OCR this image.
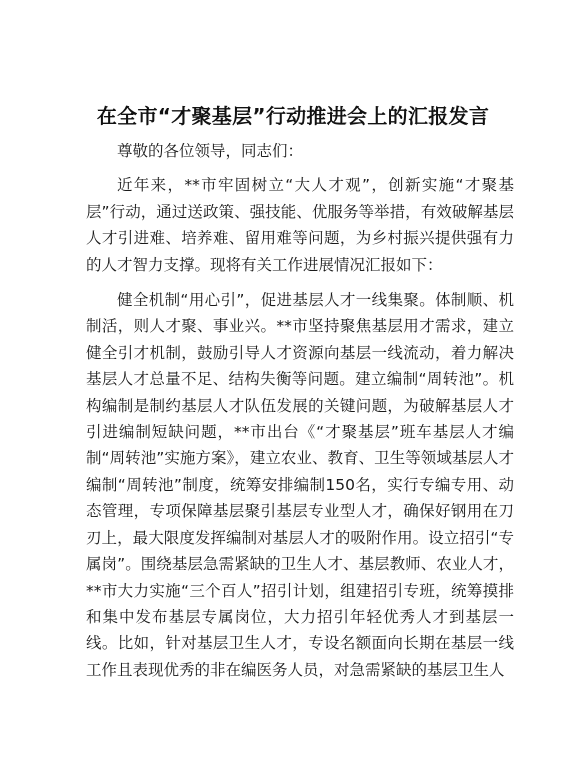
在全市“才聚基层”行动推进会上的汇报发言

尊敬的各位领导，同志们：

近年来，**市牢固树立“大人才观”，创新实施“才聚基层”行动，通过送政策、强技能、优服务等举措，有效破解基层人才引进难、培养难、留用难等问题，为乡村振兴提供强有力的人才智力支撑。现将有关工作进展情况汇报如下：

健全机制“用心引”，促进基层人才一线集聚。体制顺、机制活，则人才聚、事业兴。**市坚持聚焦基层用才需求，建立健全引才机制，鼓励引导人才资源向基层一线流动，着力解决基层人才总量不足、结构失衡等问题。建立编制“周转池”。机构编制是制约基层人才队伍发展的关键问题，为破解基层人才引进编制短缺问题，**市出台《“才聚基层”班车基层人才编制“周转池”实施方案》，建立农业、教育、卫生等领域基层人才编制“周转池”制度，统筹安排编制150名，实行专编专用、动态管理，专项保障基层聚引基层专业型人才，确保好钢用在刀刃上，最大限度发挥编制对基层人才的吸附作用。设立招引“专属岗”。围绕基层急需紧缺的卫生人才、基层教师、农业人才，**市大力实施“三个百人”招引计划，组建招引专班，统筹摸排和集中发布基层专属岗位，大力招引年轻优秀人才到基层一线。比如，针对基层卫生人才，专设名额面向长期在基层一线工作且表现优秀的非在编医务人员，对急需紧缺的基层卫生人
